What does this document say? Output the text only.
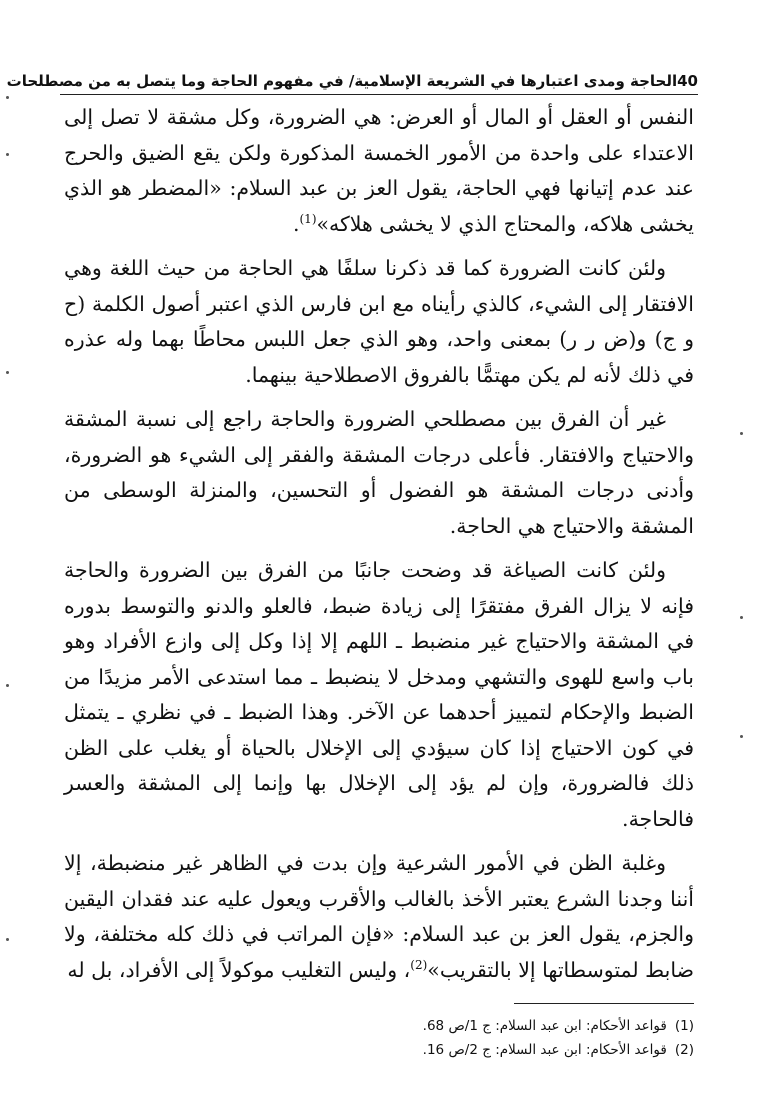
40
الحاجة ومدى اعتبارها في الشريعة الإسلامية/ في مفهوم الحاجة وما يتصل به من مصطلحات

النفس أو العقل أو المال أو العرض: هي الضرورة، وكل مشقة لا تصل إلى الاعتداء على واحدة من الأمور الخمسة المذكورة ولكن يقع الضيق والحرج عند عدم إتيانها فهي الحاجة، يقول العز بن عبد السلام: «المضطر هو الذي يخشى هلاكه، والمحتاج الذي لا يخشى هلاكه»$^{(1)}$.

ولئن كانت الضرورة كما قد ذكرنا سلفًا هي الحاجة من حيث اللغة وهي الافتقار إلى الشيء، كالذي رأيناه مع ابن فارس الذي اعتبر أصول الكلمة (ح و ج) و(ض ر ر) بمعنى واحد، وهو الذي جعل اللبس محاطًا بهما وله عذره في ذلك لأنه لم يكن مهتمًّا بالفروق الاصطلاحية بينهما.

غير أن الفرق بين مصطلحي الضرورة والحاجة راجع إلى نسبة المشقة والاحتياج والافتقار. فأعلى درجات المشقة والفقر إلى الشيء هو الضرورة، وأدنى درجات المشقة هو الفضول أو التحسين، والمنزلة الوسطى من المشقة والاحتياج هي الحاجة.

ولئن كانت الصياغة قد وضحت جانبًا من الفرق بين الضرورة والحاجة فإنه لا يزال الفرق مفتقرًا إلى زيادة ضبط، فالعلو والدنو والتوسط بدوره في المشقة والاحتياج غير منضبط ـ اللهم إلا إذا وكل إلى وازع الأفراد وهو باب واسع للهوى والتشهي ومدخل لا ينضبط ـ مما استدعى الأمر مزيدًا من الضبط والإحكام لتمييز أحدهما عن الآخر. وهذا الضبط ـ في نظري ـ يتمثل في كون الاحتياج إذا كان سيؤدي إلى الإخلال بالحياة أو يغلب على الظن ذلك فالضرورة، وإن لم يؤد إلى الإخلال بها وإنما إلى المشقة والعسر فالحاجة.

وغلبة الظن في الأمور الشرعية وإن بدت في الظاهر غير منضبطة، إلا أننا وجدنا الشرع يعتبر الأخذ بالغالب والأقرب ويعول عليه عند فقدان اليقين والجزم، يقول العز بن عبد السلام: «فإن المراتب في ذلك كله مختلفة، ولا ضابط لمتوسطاتها إلا بالتقريب»$^{(2)}$، وليس التغليب موكولاً إلى الأفراد، بل له

(1)قواعد الأحكام: ابن عبد السلام: ج 1/ص 68.
(2)قواعد الأحكام: ابن عبد السلام: ج 2/ص 16.
